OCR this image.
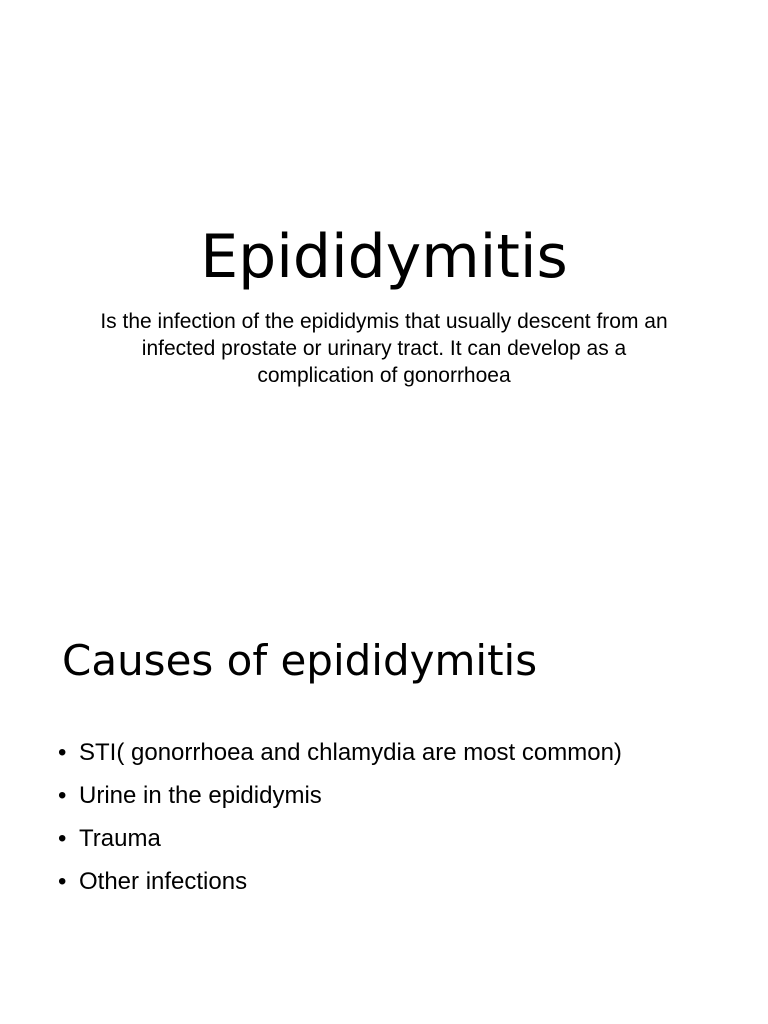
Epididymitis

Is the infection of the epididymis that usually descent from an infected prostate or urinary tract. It can develop as a complication of gonorrhoea

Causes of epididymitis
• STI( gonorrhoea and chlamydia are most common)
• Urine in the epididymis
• Trauma
• Other infections
